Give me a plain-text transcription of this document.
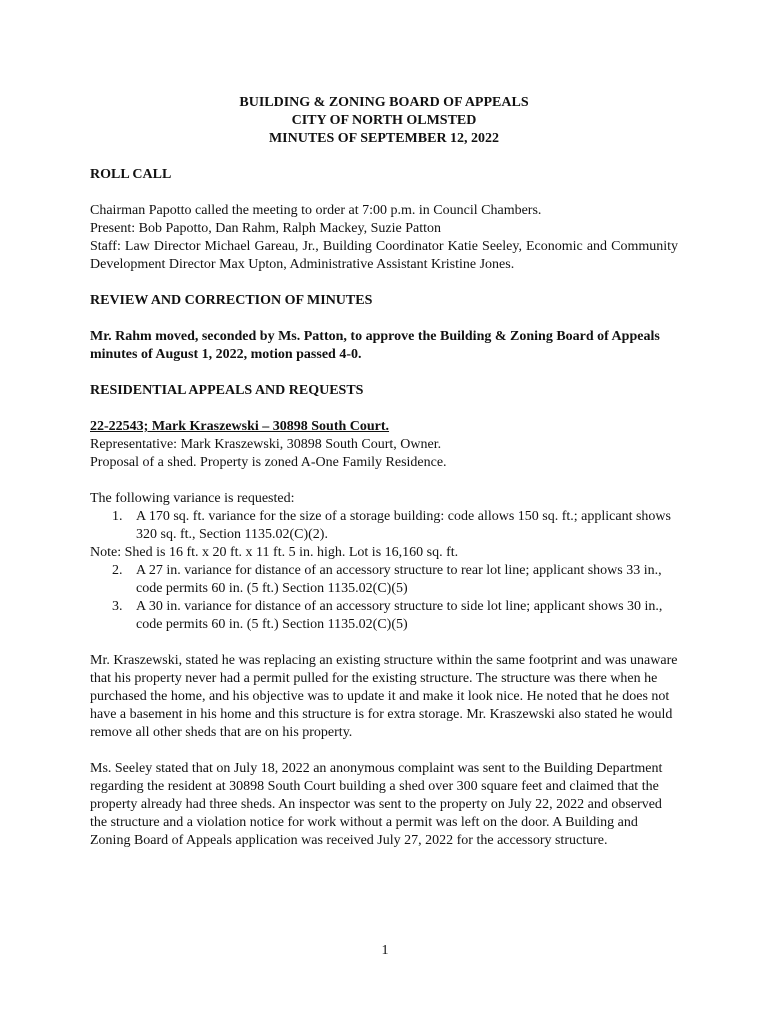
BUILDING & ZONING BOARD OF APPEALS
CITY OF NORTH OLMSTED
MINUTES OF SEPTEMBER 12, 2022
ROLL CALL

Chairman Papotto called the meeting to order at 7:00 p.m. in Council Chambers.
Present: Bob Papotto, Dan Rahm, Ralph Mackey, Suzie Patton
Staff: Law Director Michael Gareau, Jr., Building Coordinator Katie Seeley, Economic and Community Development Director Max Upton, Administrative Assistant Kristine Jones.

REVIEW AND CORRECTION OF MINUTES

Mr. Rahm moved, seconded by Ms. Patton, to approve the Building & Zoning Board of Appeals minutes of August 1, 2022, motion passed 4-0.

RESIDENTIAL APPEALS AND REQUESTS

22-22543; Mark Kraszewski – 30898 South Court.
Representative: Mark Kraszewski, 30898 South Court, Owner.
Proposal of a shed. Property is zoned A-One Family Residence.

The following variance is requested:
1. A 170 sq. ft. variance for the size of a storage building: code allows 150 sq. ft.; applicant shows 320 sq. ft., Section 1135.02(C)(2).
Note: Shed is 16 ft. x 20 ft. x 11 ft. 5 in. high. Lot is 16,160 sq. ft.
2. A 27 in. variance for distance of an accessory structure to rear lot line; applicant shows 33 in., code permits 60 in. (5 ft.) Section 1135.02(C)(5)
3. A 30 in. variance for distance of an accessory structure to side lot line; applicant shows 30 in., code permits 60 in. (5 ft.) Section 1135.02(C)(5)

Mr. Kraszewski, stated he was replacing an existing structure within the same footprint and was unaware that his property never had a permit pulled for the existing structure. The structure was there when he purchased the home, and his objective was to update it and make it look nice. He noted that he does not have a basement in his home and this structure is for extra storage. Mr. Kraszewski also stated he would remove all other sheds that are on his property.

Ms. Seeley stated that on July 18, 2022 an anonymous complaint was sent to the Building Department regarding the resident at 30898 South Court building a shed over 300 square feet and claimed that the property already had three sheds. An inspector was sent to the property on July 22, 2022 and observed the structure and a violation notice for work without a permit was left on the door. A Building and Zoning Board of Appeals application was received July 27, 2022 for the accessory structure.

1
